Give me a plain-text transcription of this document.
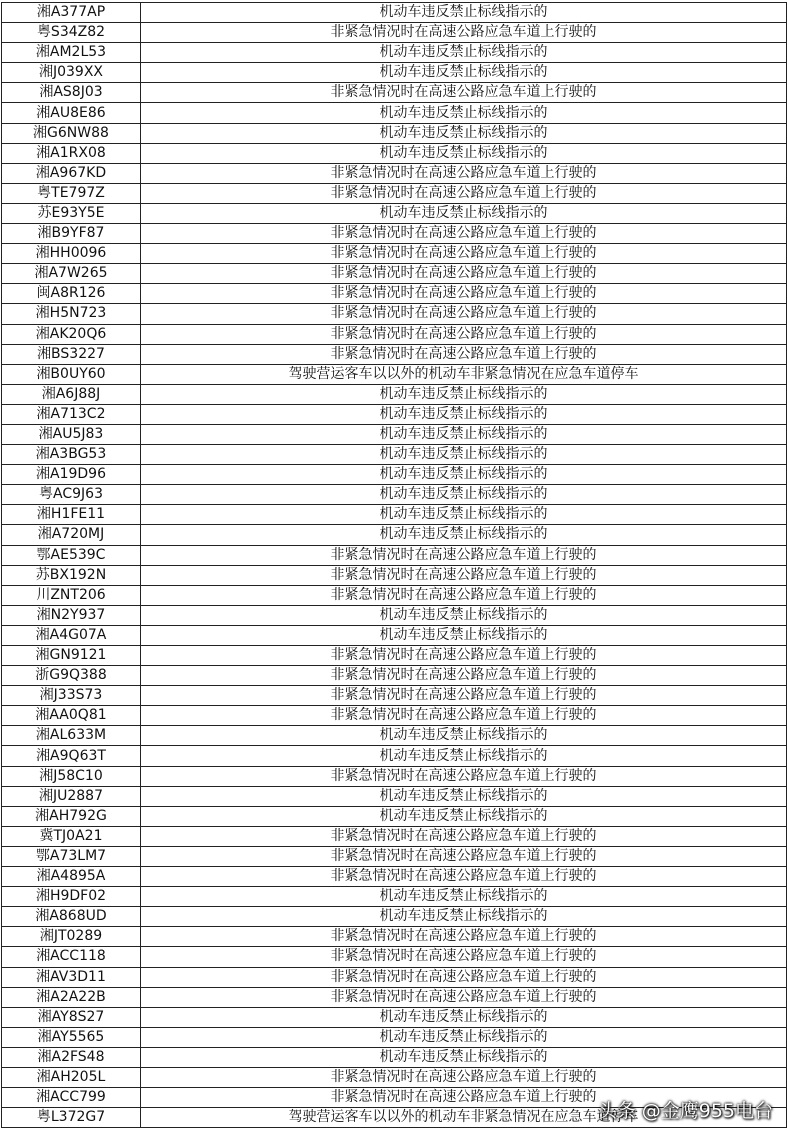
湘A377AP	机动车违反禁止标线指示的
粤S34Z82	非紧急情况时在高速公路应急车道上行驶的
湘AM2L53	机动车违反禁止标线指示的
湘J039XX	机动车违反禁止标线指示的
湘AS8J03	非紧急情况时在高速公路应急车道上行驶的
湘AU8E86	机动车违反禁止标线指示的
湘G6NW88	机动车违反禁止标线指示的
湘A1RX08	机动车违反禁止标线指示的
湘A967KD	非紧急情况时在高速公路应急车道上行驶的
粤TE797Z	非紧急情况时在高速公路应急车道上行驶的
苏E93Y5E	机动车违反禁止标线指示的
湘B9YF87	非紧急情况时在高速公路应急车道上行驶的
湘HH0096	非紧急情况时在高速公路应急车道上行驶的
湘A7W265	非紧急情况时在高速公路应急车道上行驶的
闽A8R126	非紧急情况时在高速公路应急车道上行驶的
湘H5N723	非紧急情况时在高速公路应急车道上行驶的
湘AK20Q6	非紧急情况时在高速公路应急车道上行驶的
湘BS3227	非紧急情况时在高速公路应急车道上行驶的
湘B0UY60	驾驶营运客车以以外的机动车非紧急情况在应急车道停车
湘A6J88J	机动车违反禁止标线指示的
湘A713C2	机动车违反禁止标线指示的
湘AU5J83	机动车违反禁止标线指示的
湘A3BG53	机动车违反禁止标线指示的
湘A19D96	机动车违反禁止标线指示的
粤AC9J63	机动车违反禁止标线指示的
湘H1FE11	机动车违反禁止标线指示的
湘A720MJ	机动车违反禁止标线指示的
鄂AE539C	非紧急情况时在高速公路应急车道上行驶的
苏BX192N	非紧急情况时在高速公路应急车道上行驶的
川ZNT206	非紧急情况时在高速公路应急车道上行驶的
湘N2Y937	机动车违反禁止标线指示的
湘A4G07A	机动车违反禁止标线指示的
湘GN9121	非紧急情况时在高速公路应急车道上行驶的
浙G9Q388	非紧急情况时在高速公路应急车道上行驶的
湘J33S73	非紧急情况时在高速公路应急车道上行驶的
湘AA0Q81	非紧急情况时在高速公路应急车道上行驶的
湘AL633M	机动车违反禁止标线指示的
湘A9Q63T	机动车违反禁止标线指示的
湘J58C10	非紧急情况时在高速公路应急车道上行驶的
湘JU2887	机动车违反禁止标线指示的
湘AH792G	机动车违反禁止标线指示的
冀TJ0A21	非紧急情况时在高速公路应急车道上行驶的
鄂A73LM7	非紧急情况时在高速公路应急车道上行驶的
湘A4895A	非紧急情况时在高速公路应急车道上行驶的
湘H9DF02	机动车违反禁止标线指示的
湘A868UD	机动车违反禁止标线指示的
湘JT0289	非紧急情况时在高速公路应急车道上行驶的
湘ACC118	非紧急情况时在高速公路应急车道上行驶的
湘AV3D11	非紧急情况时在高速公路应急车道上行驶的
湘A2A22B	非紧急情况时在高速公路应急车道上行驶的
湘AY8S27	机动车违反禁止标线指示的
湘AY5565	机动车违反禁止标线指示的
湘A2FS48	机动车违反禁止标线指示的
湘AH205L	非紧急情况时在高速公路应急车道上行驶的
湘ACC799	非紧急情况时在高速公路应急车道上行驶的
粤L372G7	驾驶营运客车以以外的机动车非紧急情况在应急车道停车
头条 @金鹰955电台
